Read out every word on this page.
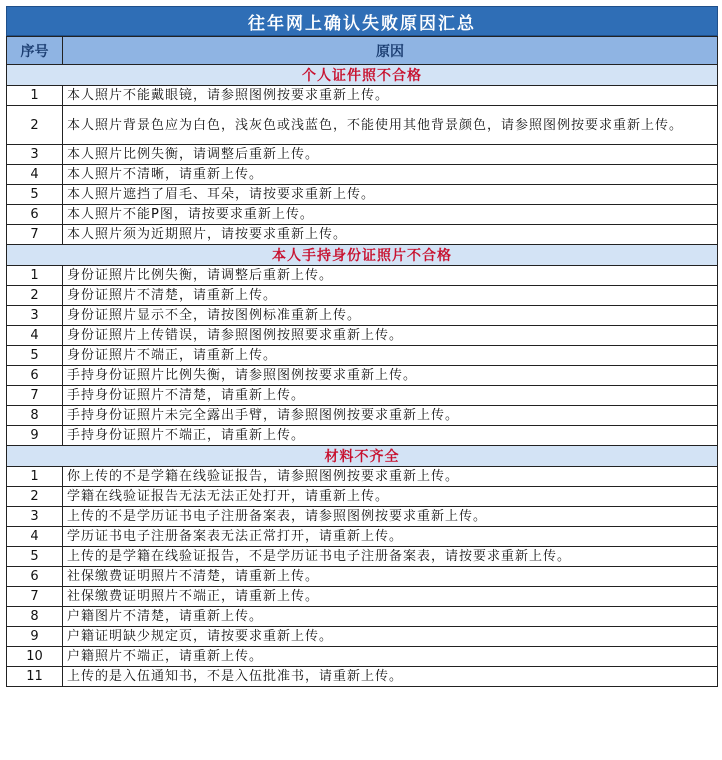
往年网上确认失败原因汇总
序号	原因
个人证件照不合格	
1	本人照片不能戴眼镜，请参照图例按要求重新上传。
2	本人照片背景色应为白色，浅灰色或浅蓝色，不能使用其他背景颜色，请参照图例按要求重新上传。
3	本人照片比例失衡，请调整后重新上传。
4	本人照片不清晰，请重新上传。
5	本人照片遮挡了眉毛、耳朵，请按要求重新上传。
6	本人照片不能P图，请按要求重新上传。
7	本人照片须为近期照片，请按要求重新上传。
本人手持身份证照片不合格	
1	身份证照片比例失衡，请调整后重新上传。
2	身份证照片不清楚，请重新上传。
3	身份证照片显示不全，请按图例标准重新上传。
4	身份证照片上传错误，请参照图例按照要求重新上传。
5	身份证照片不端正，请重新上传。
6	手持身份证照片比例失衡，请参照图例按要求重新上传。
7	手持身份证照片不清楚，请重新上传。
8	手持身份证照片未完全露出手臂，请参照图例按要求重新上传。
9	手持身份证照片不端正，请重新上传。
材料不齐全	
1	你上传的不是学籍在线验证报告，请参照图例按要求重新上传。
2	学籍在线验证报告无法无法正处打开，请重新上传。
3	上传的不是学历证书电子注册备案表，请参照图例按要求重新上传。
4	学历证书电子注册备案表无法正常打开，请重新上传。
5	上传的是学籍在线验证报告，不是学历证书电子注册备案表，请按要求重新上传。
6	社保缴费证明照片不清楚，请重新上传。
7	社保缴费证明照片不端正，请重新上传。
8	户籍图片不清楚，请重新上传。
9	户籍证明缺少规定页，请按要求重新上传。
10	户籍照片不端正，请重新上传。
11	上传的是入伍通知书，不是入伍批准书，请重新上传。
